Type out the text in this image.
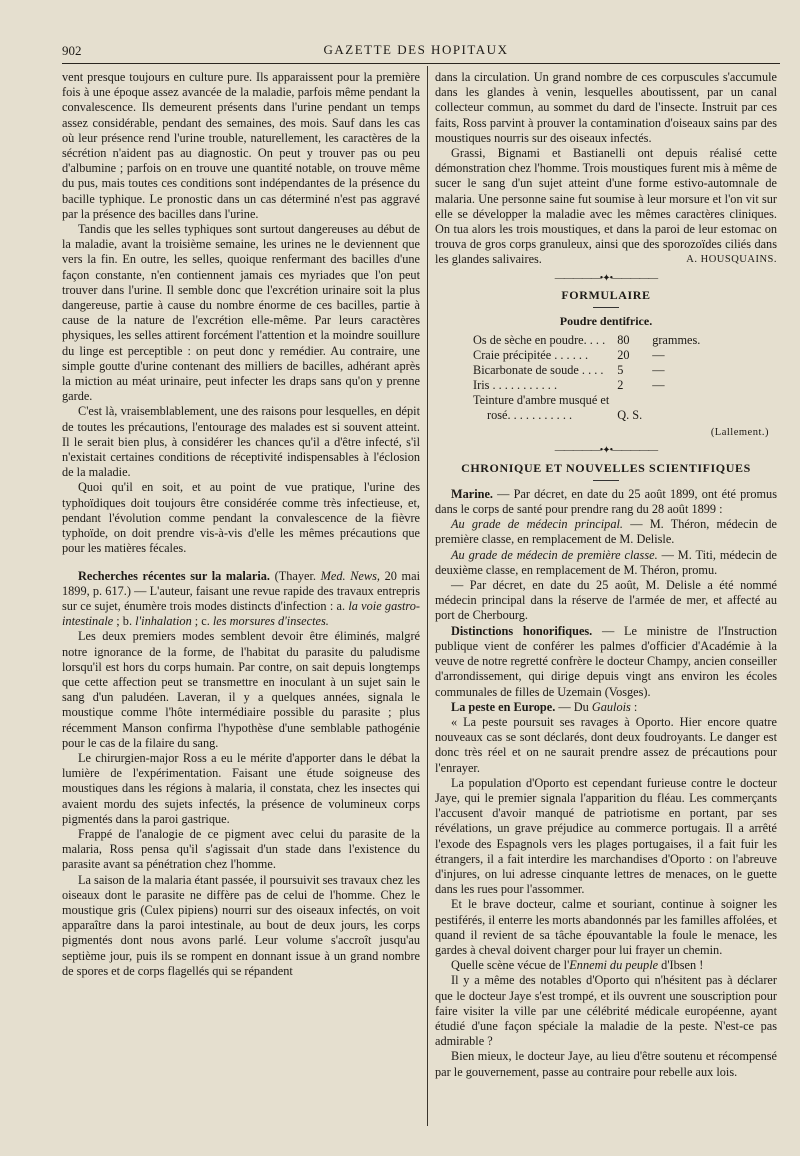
902	GAZETTE DES HOPITAUX

vent presque toujours en culture pure. Ils apparaissent pour la première fois à une époque assez avancée de la maladie, parfois même pendant la convalescence. Ils demeurent présents dans l'urine pendant un temps assez considérable, pendant des semaines, des mois. Sauf dans les cas où leur présence rend l'urine trouble, naturellement, les caractères de la sécrétion n'aident pas au diagnostic. On peut y trouver pas ou peu d'albumine ; parfois on en trouve une quantité notable, on trouve même du pus, mais toutes ces conditions sont indépendantes de la présence du bacille typhique. Le pronostic dans un cas déterminé n'est pas aggravé par la présence des bacilles dans l'urine.

Tandis que les selles typhiques sont surtout dangereuses au début de la maladie, avant la troisième semaine, les urines ne le deviennent que vers la fin. En outre, les selles, quoique renfermant des bacilles d'une façon constante, n'en contiennent jamais ces myriades que l'on peut trouver dans l'urine. Il semble donc que l'excrétion urinaire soit la plus dangereuse, partie à cause du nombre énorme de ces bacilles, partie à cause de la nature de l'excrétion elle-même. Par leurs caractères physiques, les selles attirent forcément l'attention et la moindre souillure du linge est perceptible : on peut donc y remédier. Au contraire, une simple goutte d'urine contenant des milliers de bacilles, adhérant après la miction au méat urinaire, peut infecter les draps sans qu'on y prenne garde.

C'est là, vraisemblablement, une des raisons pour lesquelles, en dépit de toutes les précautions, l'entourage des malades est si souvent atteint. Il le serait bien plus, à considérer les chances qu'il a d'être infecté, s'il n'existait certaines conditions de réceptivité indispensables à l'éclosion de la maladie.

Quoi qu'il en soit, et au point de vue pratique, l'urine des typhoïdiques doit toujours être considérée comme très infectieuse, et, pendant l'évolution comme pendant la convalescence de la fièvre typhoïde, on doit prendre vis-à-vis d'elle les mêmes précautions que pour les matières fécales.

Recherches récentes sur la malaria. (Thayer. Med. News, 20 mai 1899, p. 617.) — L'auteur, faisant une revue rapide des travaux entrepris sur ce sujet, énumère trois modes distincts d'infection : a. la voie gastro-intestinale ; b. l'inhalation ; c. les morsures d'insectes.

Les deux premiers modes semblent devoir être éliminés, malgré notre ignorance de la forme, de l'habitat du parasite du paludisme lorsqu'il est hors du corps humain. Par contre, on sait depuis longtemps que cette affection peut se transmettre en inoculant à un sujet sain le sang d'un paludéen. Laveran, il y a quelques années, signala le moustique comme l'hôte intermédiaire possible du parasite ; plus récemment Manson confirma l'hypothèse d'une semblable pathogénie pour le cas de la filaire du sang.

Le chirurgien-major Ross a eu le mérite d'apporter dans le débat la lumière de l'expérimentation. Faisant une étude soigneuse des moustiques dans les régions à malaria, il constata, chez les insectes qui avaient mordu des sujets infectés, la présence de volumineux corps pigmentés dans la paroi gastrique.

Frappé de l'analogie de ce pigment avec celui du parasite de la malaria, Ross pensa qu'il s'agissait d'un stade dans l'existence du parasite avant sa pénétration chez l'homme.

La saison de la malaria étant passée, il poursuivit ses travaux chez les oiseaux dont le parasite ne diffère pas de celui de l'homme. Chez le moustique gris (Culex pipiens) nourri sur des oiseaux infectés, on voit apparaître dans la paroi intestinale, au bout de deux jours, les corps pigmentés dont nous avons parlé. Leur volume s'accroît jusqu'au septième jour, puis ils se rompent en donnant issue à un grand nombre de spores et de corps flagellés qui se répandent

dans la circulation. Un grand nombre de ces corpuscules s'accumule dans les glandes à venin, lesquelles aboutissent, par un canal collecteur commun, au sommet du dard de l'insecte. Instruit par ces faits, Ross parvint à prouver la contamination d'oiseaux sains par des moustiques nourris sur des oiseaux infectés.

Grassi, Bignami et Bastianelli ont depuis réalisé cette démonstration chez l'homme. Trois moustiques furent mis à même de sucer le sang d'un sujet atteint d'une forme estivo-automnale de malaria. Une personne saine fut soumise à leur morsure et l'on vit sur elle se développer la maladie avec les mêmes caractères cliniques. On tua alors les trois moustiques, et dans la paroi de leur estomac on trouva de gros corps granuleux, ainsi que des sporozoïdes ciliés dans les glandes salivaires.	A. HOUSQUAINS.

—————•✦•—————
FORMULAIRE
Poudre dentifrice.
Os de sèche en poudre. . . .	80	grammes.
Craie précipitée . . . . . .	20	—
Bicarbonate de soude . . . .	5	—
Iris . . . . . . . . . . .	2	—
Teinture d'ambre musqué et		
rosé. . . . . . . . . . .	Q. S.	
(Lallement.)
—————•✦•—————
CHRONIQUE ET NOUVELLES SCIENTIFIQUES

Marine. — Par décret, en date du 25 août 1899, ont été promus dans le corps de santé pour prendre rang du 28 août 1899 :

Au grade de médecin principal. — M. Théron, médecin de première classe, en remplacement de M. Delisle.

Au grade de médecin de première classe. — M. Titi, médecin de deuxième classe, en remplacement de M. Théron, promu.

— Par décret, en date du 25 août, M. Delisle a été nommé médecin principal dans la réserve de l'armée de mer, et affecté au port de Cherbourg.

Distinctions honorifiques. — Le ministre de l'Instruction publique vient de conférer les palmes d'officier d'Académie à la veuve de notre regretté confrère le docteur Champy, ancien conseiller d'arrondissement, qui dirige depuis vingt ans environ les écoles communales de filles de Uzemain (Vosges).

La peste en Europe. — Du Gaulois :

« La peste poursuit ses ravages à Oporto. Hier encore quatre nouveaux cas se sont déclarés, dont deux foudroyants. Le danger est donc très réel et on ne saurait prendre assez de précautions pour l'enrayer.

La population d'Oporto est cependant furieuse contre le docteur Jaye, qui le premier signala l'apparition du fléau. Les commerçants l'accusent d'avoir manqué de patriotisme en portant, par ses révélations, un grave préjudice au commerce portugais. Il a arrêté l'exode des Espagnols vers les plages portugaises, il a fait fuir les étrangers, il a fait interdire les marchandises d'Oporto : on l'abreuve d'injures, on lui adresse cinquante lettres de menaces, on le guette dans les rues pour l'assommer.

Et le brave docteur, calme et souriant, continue à soigner les pestiférés, il enterre les morts abandonnés par les familles affolées, et quand il revient de sa tâche épouvantable la foule le menace, les gardes à cheval doivent charger pour lui frayer un chemin.

Quelle scène vécue de l'Ennemi du peuple d'Ibsen !

Il y a même des notables d'Oporto qui n'hésitent pas à déclarer que le docteur Jaye s'est trompé, et ils ouvrent une souscription pour faire visiter la ville par une célébrité médicale européenne, ayant étudié d'une façon spéciale la maladie de la peste. N'est-ce pas admirable ?

Bien mieux, le docteur Jaye, au lieu d'être soutenu et récompensé par le gouvernement, passe au contraire pour rebelle aux lois.
